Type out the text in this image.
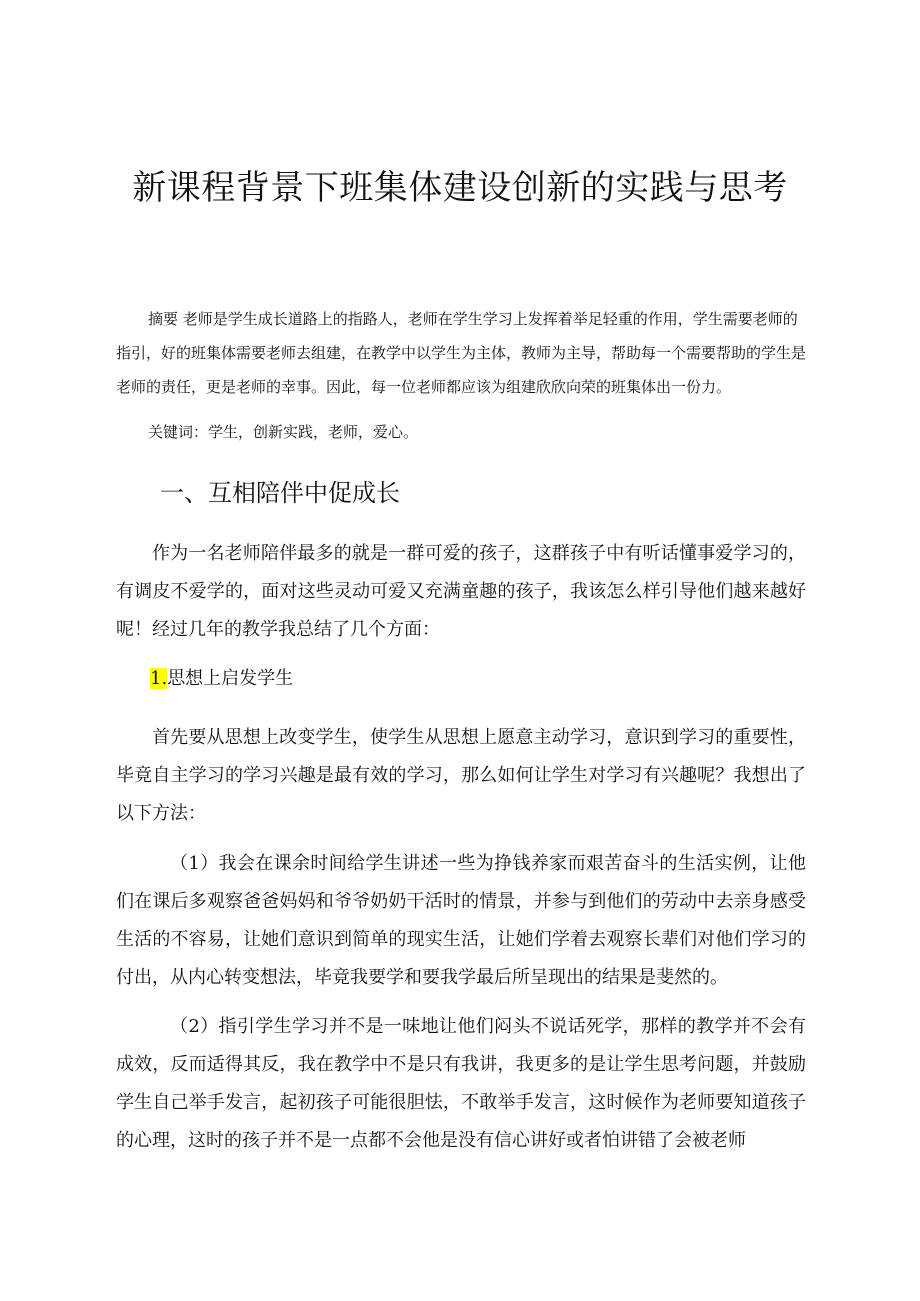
新课程背景下班集体建设创新的实践与思考

摘要 老师是学生成长道路上的指路人，老师在学生学习上发挥着举足轻重的作用，学生需要老师的指引，好的班集体需要老师去组建，在教学中以学生为主体，教师为主导，帮助每一个需要帮助的学生是老师的责任，更是老师的幸事。因此，每一位老师都应该为组建欣欣向荣的班集体出一份力。

关键词：学生，创新实践，老师，爱心。

一、互相陪伴中促成长

作为一名老师陪伴最多的就是一群可爱的孩子，这群孩子中有听话懂事爱学习的，有调皮不爱学的，面对这些灵动可爱又充满童趣的孩子，我该怎么样引导他们越来越好呢！经过几年的教学我总结了几个方面：

1.思想上启发学生

首先要从思想上改变学生，使学生从思想上愿意主动学习，意识到学习的重要性，毕竟自主学习的学习兴趣是最有效的学习，那么如何让学生对学习有兴趣呢？我想出了以下方法：

（1）我会在课余时间给学生讲述一些为挣钱养家而艰苦奋斗的生活实例，让他们在课后多观察爸爸妈妈和爷爷奶奶干活时的情景，并参与到他们的劳动中去亲身感受生活的不容易，让她们意识到简单的现实生活，让她们学着去观察长辈们对他们学习的付出，从内心转变想法，毕竟我要学和要我学最后所呈现出的结果是斐然的。

（2）指引学生学习并不是一味地让他们闷头不说话死学，那样的教学并不会有成效，反而适得其反，我在教学中不是只有我讲，我更多的是让学生思考问题，并鼓励学生自己举手发言，起初孩子可能很胆怯，不敢举手发言，这时候作为老师要知道孩子的心理，这时的孩子并不是一点都不会他是没有信心讲好或者怕讲错了会被老师
